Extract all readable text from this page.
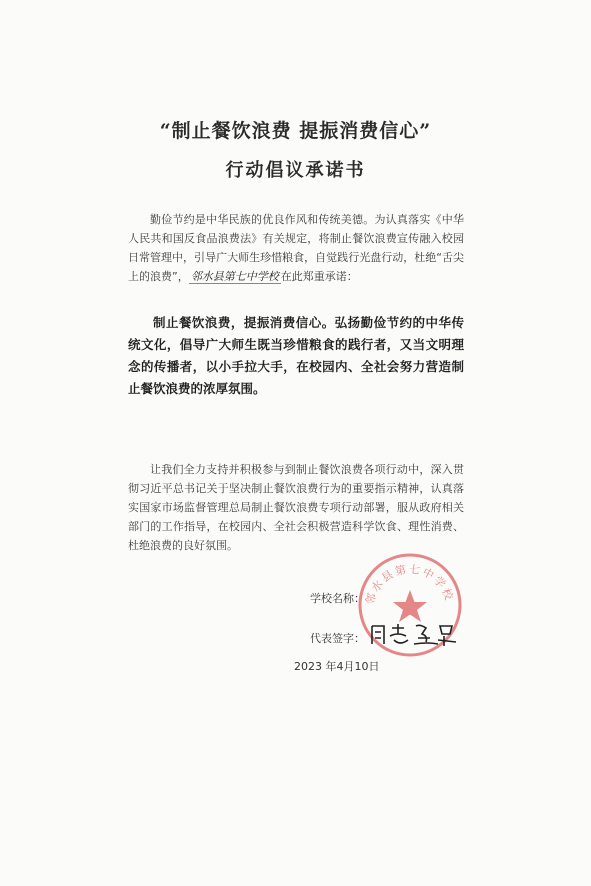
“制止餐饮浪费 提振消费信心”
行动倡议承诺书

勤俭节约是中华民族的优良作风和传统美德。为认真落实《中华人民共和国反食品浪费法》有关规定，将制止餐饮浪费宣传融入校园日常管理中，引导广大师生珍惜粮食，自觉践行光盘行动，杜绝“舌尖上的浪费”， 邻水县第七中学校 在此郑重承诺：

制止餐饮浪费，提振消费信心。弘扬勤俭节约的中华传统文化，倡导广大师生既当珍惜粮食的践行者，又当文明理念的传播者，以小手拉大手，在校园内、全社会努力营造制止餐饮浪费的浓厚氛围。

让我们全力支持并积极参与到制止餐饮浪费各项行动中，深入贯彻习近平总书记关于坚决制止餐饮浪费行为的重要指示精神，认真落实国家市场监督管理总局制止餐饮浪费专项行动部署，服从政府相关部门的工作指导，在校园内、全社会积极营造科学饮食、理性消费、杜绝浪费的良好氛围。

邻水县第七中学校
学校名称：
代表签字：
2023 年4月10日
